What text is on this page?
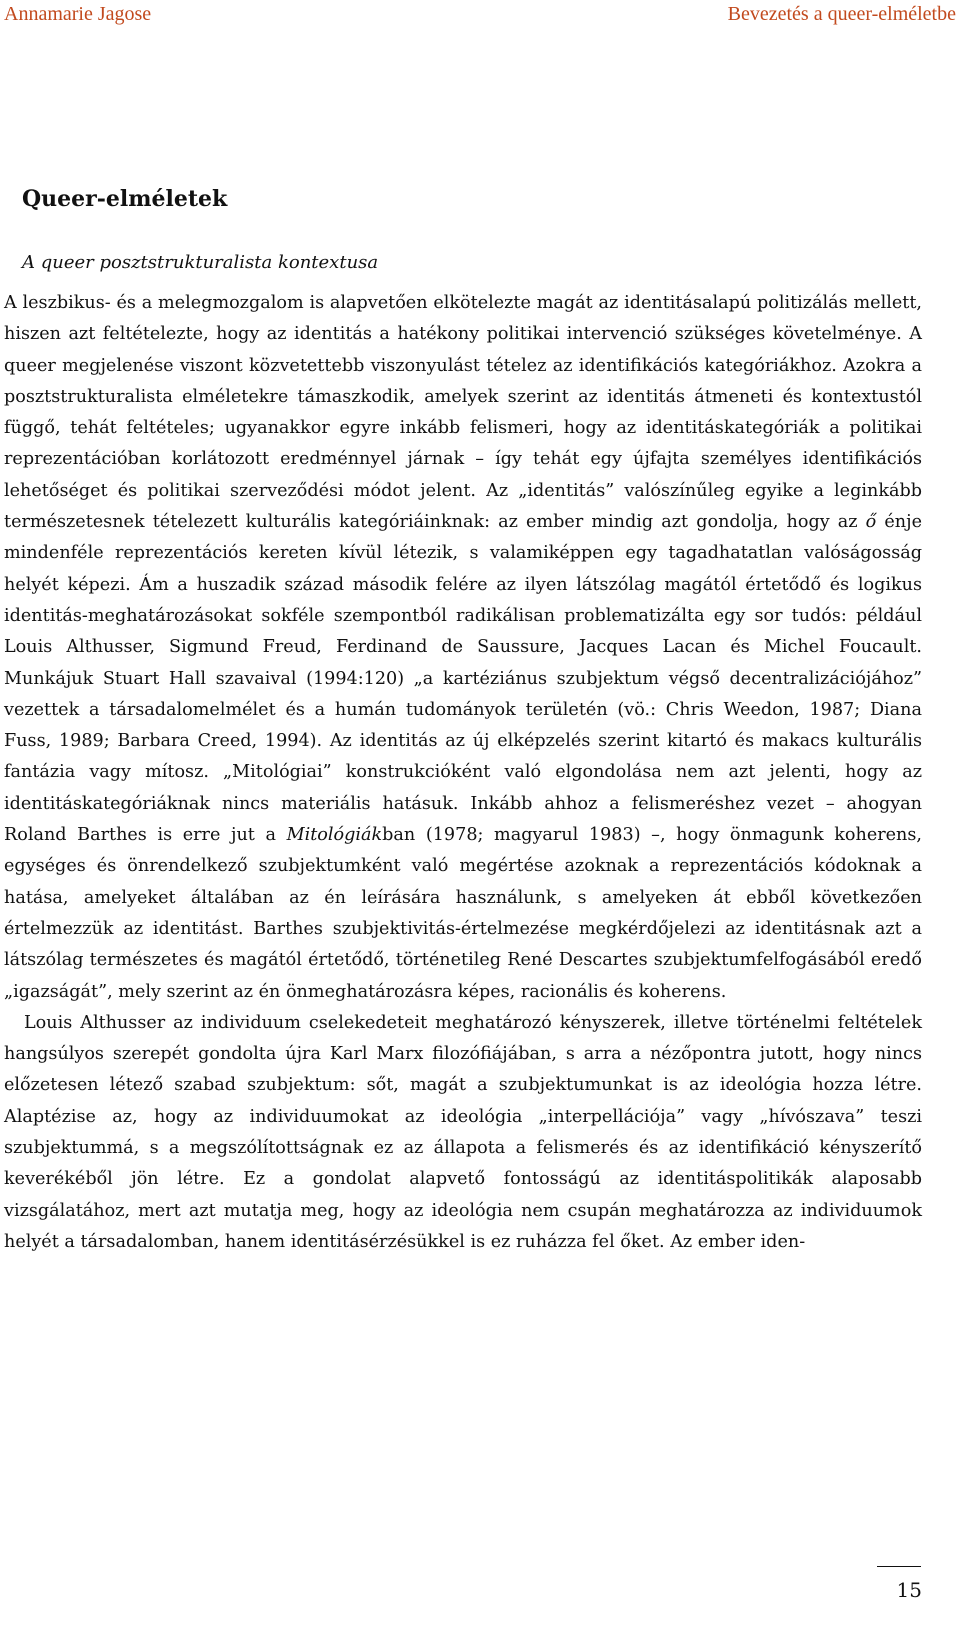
Annamarie Jagose	Bevezetés a queer-elméletbe
Queer-elméletek

A queer posztstrukturalista kontextusa

A leszbikus- és a melegmozgalom is alapvetően elkötelezte magát az identitásalapú politizálás mellett, hiszen azt feltételezte, hogy az identitás a hatékony politikai intervenció szükséges követelménye. A queer megjelenése viszont közvetettebb viszonyulást tételez az identifikációs kategóriákhoz. Azokra a posztstrukturalista elméletekre támaszkodik, amelyek szerint az identitás átmeneti és kontextustól függő, tehát feltételes; ugyanakkor egyre inkább felismeri, hogy az identitáskategóriák a politikai reprezentációban korlátozott eredménnyel járnak – így tehát egy újfajta személyes identifikációs lehetőséget és politikai szerveződési módot jelent. Az „identitás” valószínűleg egyike a leginkább természetesnek tételezett kulturális kategóriáinknak: az ember mindig azt gondolja, hogy az ő énje mindenféle reprezentációs kereten kívül létezik, s valamiképpen egy tagadhatatlan valóságosság helyét képezi. Ám a huszadik század második felére az ilyen látszólag magától értetődő és logikus identitás-meghatározásokat sokféle szempontból radikálisan problematizálta egy sor tudós: például Louis Althusser, Sigmund Freud, Ferdinand de Saussure, Jacques Lacan és Michel Foucault. Munkájuk Stuart Hall szavaival (1994:120) „a kartéziánus szubjektum végső decentralizációjához” vezettek a társadalomelmélet és a humán tudományok területén (vö.: Chris Weedon, 1987; Diana Fuss, 1989; Barbara Creed, 1994). Az identitás az új elképzelés szerint kitartó és makacs kulturális fantázia vagy mítosz. „Mitológiai” konstrukcióként való elgondolása nem azt jelenti, hogy az identitáskategóriáknak nincs materiális hatásuk. Inkább ahhoz a felismeréshez vezet – ahogyan Roland Barthes is erre jut a Mitológiákban (1978; magyarul 1983) –, hogy önmagunk koherens, egységes és önrendelkező szubjektumként való megértése azoknak a reprezentációs kódoknak a hatása, amelyeket általában az én leírására használunk, s amelyeken át ebből következően értelmezzük az identitást. Barthes szubjektivitás-értelmezése megkérdőjelezi az identitásnak azt a látszólag természetes és magától értetődő, történetileg René Descartes szubjektumfelfogásából eredő „igazságát”, mely szerint az én önmeghatározásra képes, racionális és koherens.

Louis Althusser az individuum cselekedeteit meghatározó kényszerek, illetve történelmi feltételek hangsúlyos szerepét gondolta újra Karl Marx filozófiájában, s arra a nézőpontra jutott, hogy nincs előzetesen létező szabad szubjektum: sőt, magát a szubjektumunkat is az ideológia hozza létre. Alaptézise az, hogy az individuumokat az ideológia „interpellációja” vagy „hívószava” teszi szubjektummá, s a megszólítottságnak ez az állapota a felismerés és az identifikáció kényszerítő keverékéből jön létre. Ez a gondolat alapvető fontosságú az identitáspolitikák alaposabb vizsgálatához, mert azt mutatja meg, hogy az ideológia nem csupán meghatározza az individuumok helyét a társadalomban, hanem identitásérzésükkel is ez ruházza fel őket. Az ember iden-

15
